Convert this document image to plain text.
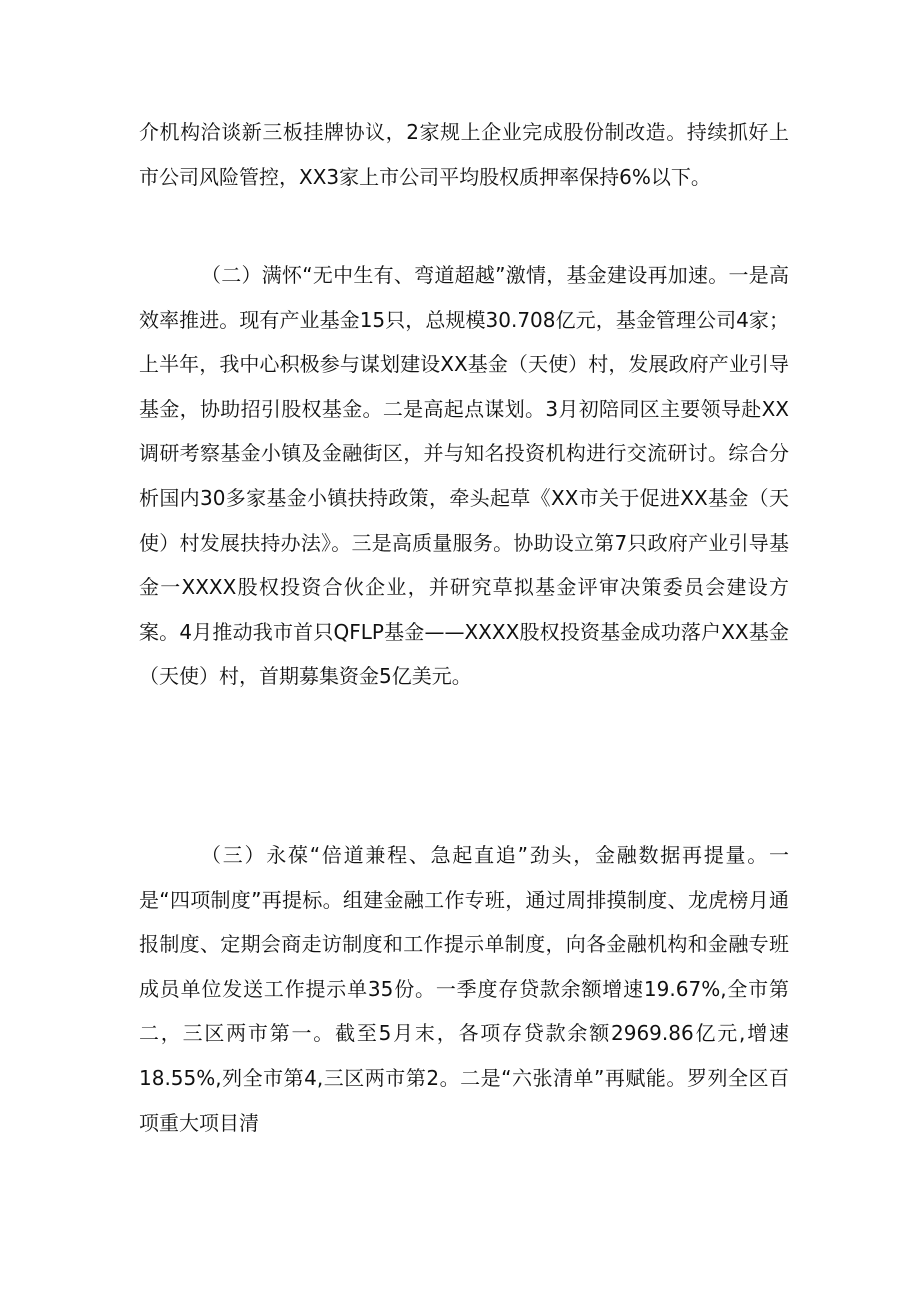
介机构洽谈新三板挂牌协议，2家规上企业完成股份制改造。持续抓好上市公司风险管控，XX3家上市公司平均股权质押率保持6%以下。

（二）满怀“无中生有、弯道超越”激情，基金建设再加速。一是高效率推进。现有产业基金15只，总规模30.708亿元，基金管理公司4家；上半年，我中心积极参与谋划建设XX基金（天使）村，发展政府产业引导基金，协助招引股权基金。二是高起点谋划。3月初陪同区主要领导赴XX调研考察基金小镇及金融街区，并与知名投资机构进行交流研讨。综合分析国内30多家基金小镇扶持政策，牵头起草《XX市关于促进XX基金（天使）村发展扶持办法》。三是高质量服务。协助设立第7只政府产业引导基金一XXXX股权投资合伙企业，并研究草拟基金评审决策委员会建设方案。4月推动我市首只QFLP基金——XXXX股权投资基金成功落户XX基金（天使）村，首期募集资金5亿美元。

（三）永葆“倍道兼程、急起直追”劲头，金融数据再提量。一是“四项制度”再提标。组建金融工作专班，通过周排摸制度、龙虎榜月通报制度、定期会商走访制度和工作提示单制度，向各金融机构和金融专班成员单位发送工作提示单35份。一季度存贷款余额增速19.67%,全市第二，三区两市第一。截至5月末，各项存贷款余额2969.86亿元,增速18.55%,列全市第4,三区两市第2。二是“六张清单”再赋能。罗列全区百项重大项目清
